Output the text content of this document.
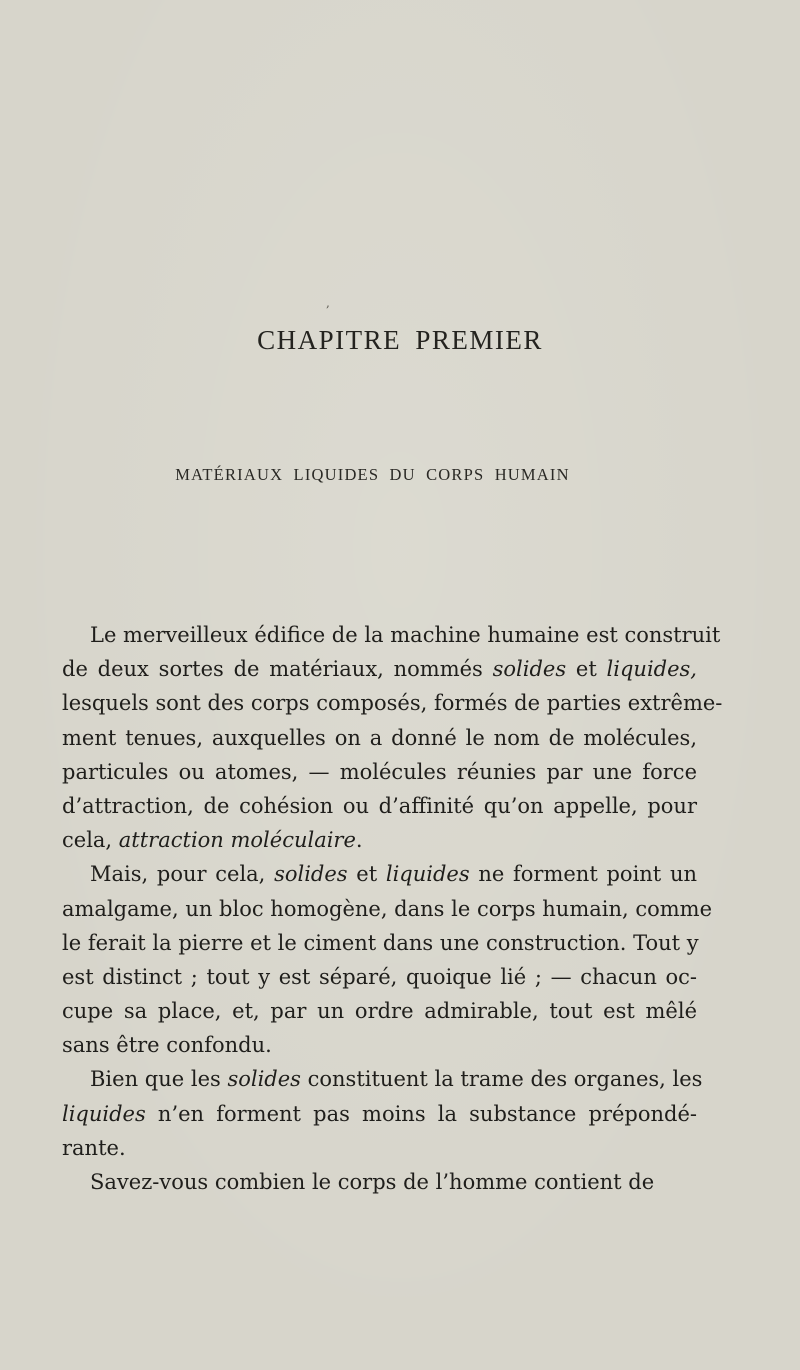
,
CHAPITRE PREMIER
MATÉRIAUX LIQUIDES DU CORPS HUMAIN
Le merveilleux édifice de la machine humaine est construit
de deux sortes de matériaux, nommés solides et liquides,
lesquels sont des corps composés, formés de parties extrême-
ment tenues, auxquelles on a donné le nom de molécules,
particules ou atomes, — molécules réunies par une force
d’attraction, de cohésion ou d’affinité qu’on appelle, pour
cela, attraction moléculaire.
Mais, pour cela, solides et liquides ne forment point un
amalgame, un bloc homogène, dans le corps humain, comme
le ferait la pierre et le ciment dans une construction. Tout y
est distinct ; tout y est séparé, quoique lié ; — chacun oc-
cupe sa place, et, par un ordre admirable, tout est mêlé
sans être confondu.
Bien que les solides constituent la trame des organes, les
liquides n’en forment pas moins la substance prépondé-
rante.
Savez-vous combien le corps de l’homme contient de
